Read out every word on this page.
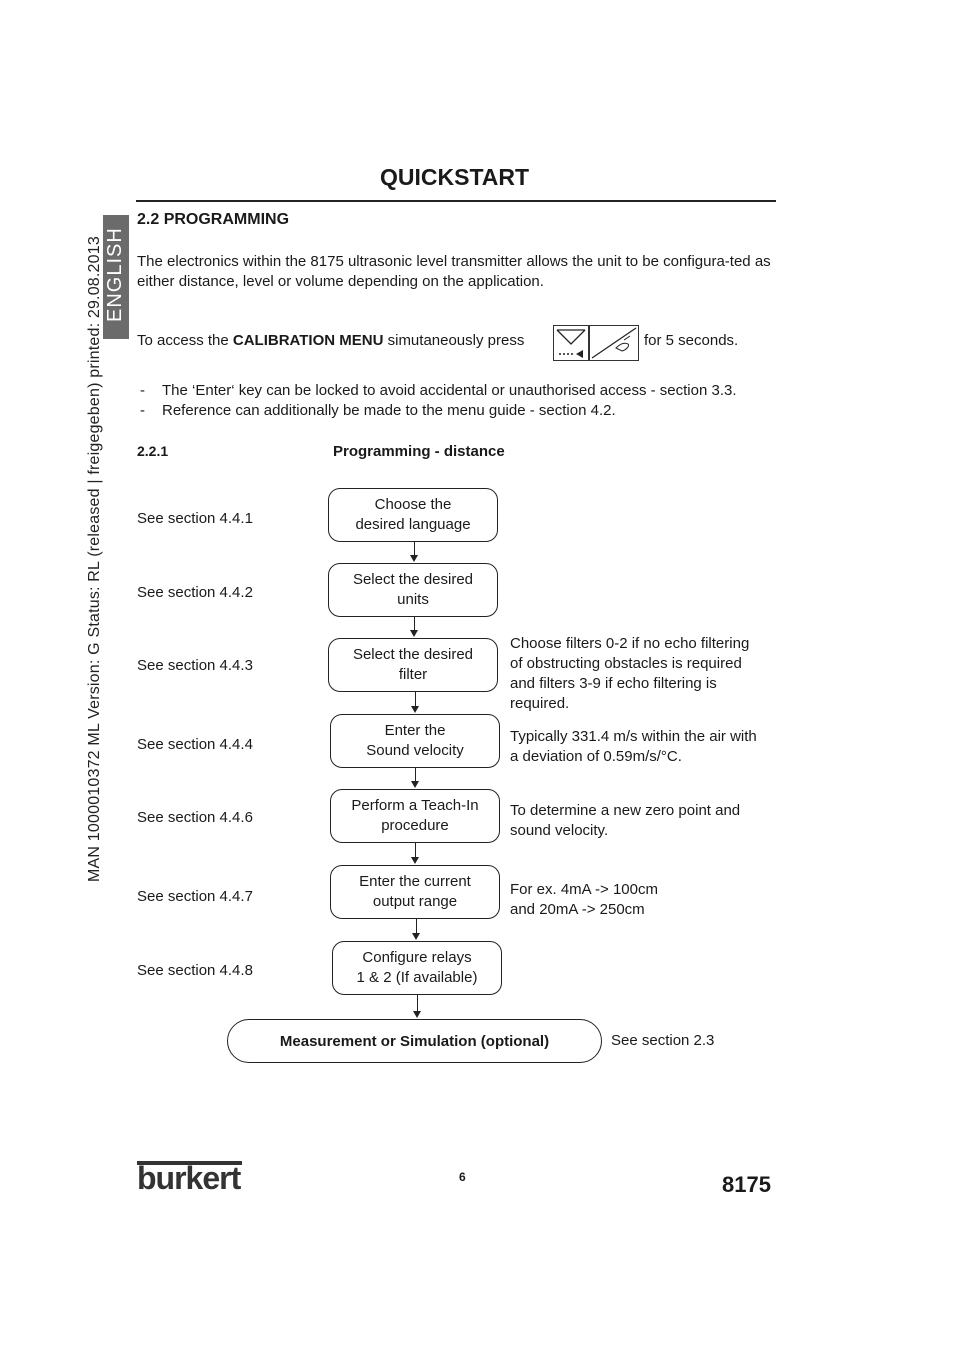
MAN 1000010372 ML Version: G Status: RL (released | freigegeben) printed: 29.08.2013 ENGLISH
QUICKSTART
2.2 PROGRAMMING
The electronics within the 8175 ultrasonic level transmitter allows the unit to be configura-ted as either distance, level or volume depending on the application.
To access the CALIBRATION MENU simutaneously press	for 5 seconds.
- The ‘Enter‘ key can be locked to avoid accidental or unauthorised access - section 3.3.
- Reference can additionally be made to the menu guide - section 4.2.
2.2.1	Programming - distance
See section 4.4.1
See section 4.4.2
See section 4.4.3
See section 4.4.4
See section 4.4.6
See section 4.4.7
See section 4.4.8
Choose the
desired language
Select the desired
units
Select the desired
filter
Enter the
Sound velocity
Perform a Teach-In
procedure
Enter the current
output range
Configure relays
1 & 2 (If available)
Choose filters 0-2 if no echo filtering
of obstructing obstacles is required
and filters 3-9 if echo filtering is
required.
Typically 331.4 m/s within the air with
a deviation of 0.59m/s/°C.
To determine a new zero point and
sound velocity.
For ex. 4mA -> 100cm
and 20mA -> 250cm
Measurement or Simulation (optional)	See section 2.3
burkert	6	8175
